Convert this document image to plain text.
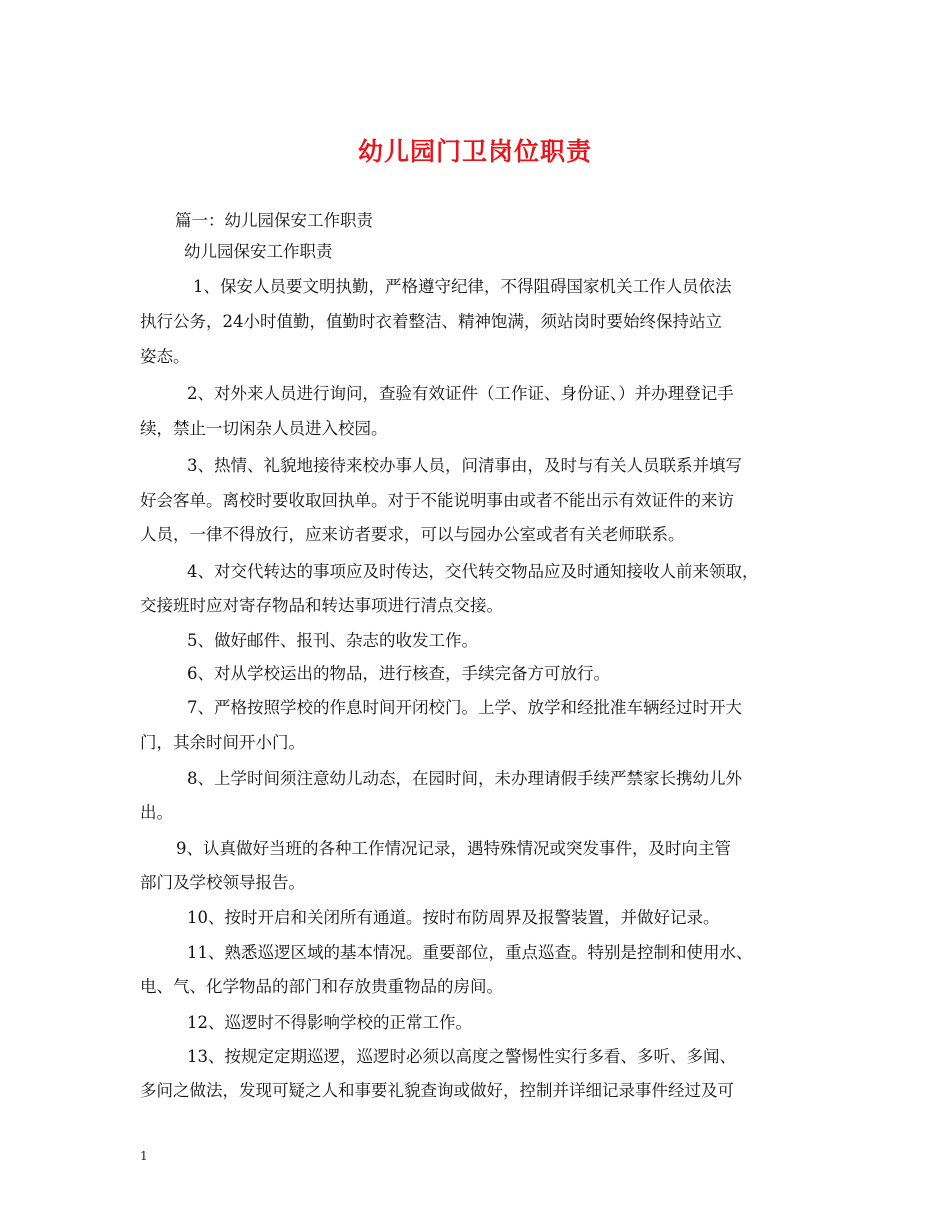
幼儿园门卫岗位职责
篇一：幼儿园保安工作职责
幼儿园保安工作职责
1、保安人员要文明执勤，严格遵守纪律，不得阻碍国家机关工作人员依法
执行公务，24小时值勤，值勤时衣着整洁、精神饱满，须站岗时要始终保持站立
姿态。
2、对外来人员进行询问，查验有效证件（工作证、身份证、）并办理登记手
续，禁止一切闲杂人员进入校园。
3、热情、礼貌地接待来校办事人员，问清事由，及时与有关人员联系并填写
好会客单。离校时要收取回执单。对于不能说明事由或者不能出示有效证件的来访
人员，一律不得放行，应来访者要求，可以与园办公室或者有关老师联系。
4、对交代转达的事项应及时传达，交代转交物品应及时通知接收人前来领取，
交接班时应对寄存物品和转达事项进行清点交接。
5、做好邮件、报刊、杂志的收发工作。
6、对从学校运出的物品，进行核查，手续完备方可放行。
7、严格按照学校的作息时间开闭校门。上学、放学和经批准车辆经过时开大
门，其余时间开小门。
8、上学时间须注意幼儿动态，在园时间，未办理请假手续严禁家长携幼儿外
出。
9、认真做好当班的各种工作情况记录，遇特殊情况或突发事件，及时向主管
部门及学校领导报告。
10、按时开启和关闭所有通道。按时布防周界及报警装置，并做好记录。
11、熟悉巡逻区域的基本情况。重要部位，重点巡查。特别是控制和使用水、
电、气、化学物品的部门和存放贵重物品的房间。
12、巡逻时不得影响学校的正常工作。
13、按规定定期巡逻，巡逻时必须以高度之警惕性实行多看、多听、多闻、
多问之做法，发现可疑之人和事要礼貌查询或做好，控制并详细记录事件经过及可
1
